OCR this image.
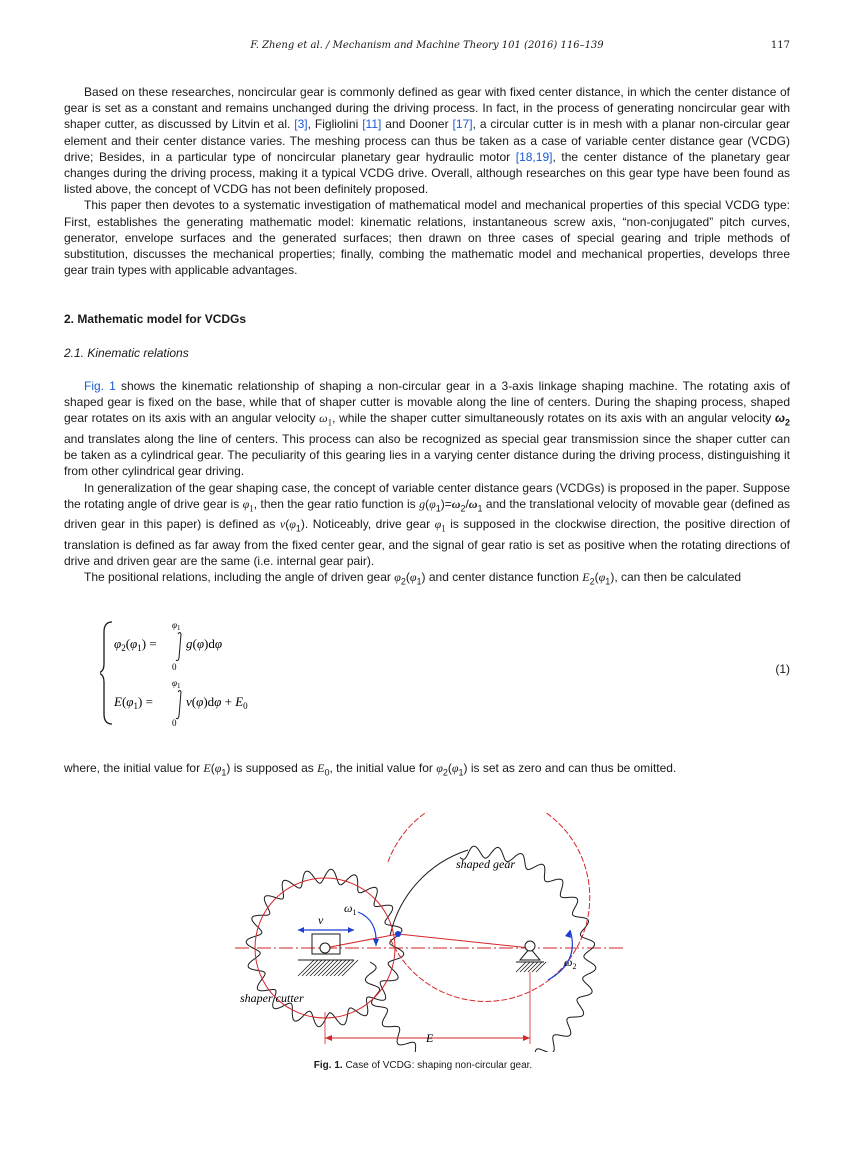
F. Zheng et al. / Mechanism and Machine Theory 101 (2016) 116–139	117

Based on these researches, noncircular gear is commonly defined as gear with fixed center distance, in which the center distance of gear is set as a constant and remains unchanged during the driving process. In fact, in the process of generating noncircular gear with shaper cutter, as discussed by Litvin et al. [3], Figliolini [11] and Dooner [17], a circular cutter is in mesh with a planar non-circular gear element and their center distance varies. The meshing process can thus be taken as a case of variable center distance gear (VCDG) drive; Besides, in a particular type of noncircular planetary gear hydraulic motor [18,19], the center distance of the planetary gear changes during the driving process, making it a typical VCDG drive. Overall, although researches on this gear type have been found as listed above, the concept of VCDG has not been definitely proposed.

This paper then devotes to a systematic investigation of mathematical model and mechanical properties of this special VCDG type: First, establishes the generating mathematic model: kinematic relations, instantaneous screw axis, “non-conjugated” pitch curves, generator, envelope surfaces and the generated surfaces; then drawn on three cases of special gearing and triple methods of substitution, discusses the mechanical properties; finally, combing the mathematic model and mechanical properties, develops three gear train types with applicable advantages.

2. Mathematic model for VCDGs
2.1. Kinematic relations

Fig. 1 shows the kinematic relationship of shaping a non-circular gear in a 3-axis linkage shaping machine. The rotating axis of shaped gear is fixed on the base, while that of shaper cutter is movable along the line of centers. During the shaping process, shaped gear rotates on its axis with an angular velocity $\omega_1$, while the shaper cutter simultaneously rotates on its axis with an angular velocity $\omega_2$ and translates along the line of centers. This process can also be recognized as special gear transmission since the shaper cutter can be taken as a cylindrical gear. The peculiarity of this gearing lies in a varying center distance during the driving process, distinguishing it from other cylindrical gear driving.

In generalization of the gear shaping case, the concept of variable center distance gears (VCDGs) is proposed in the paper. Suppose the rotating angle of drive gear is $\varphi_1$, then the gear ratio function is $g(\varphi_1)=\omega_2/\omega_1$ and the translational velocity of movable gear (defined as driven gear in this paper) is defined as $v(\varphi_1)$. Noticeably, drive gear $\varphi_1$ is supposed in the clockwise direction, the positive direction of translation is defined as far away from the fixed center gear, and the signal of gear ratio is set as positive when the rotating directions of drive and driven gear are the same (i.e. internal gear pair).

The positional relations, including the angle of driven gear $\varphi_2(\varphi_1)$ and center distance function $E_2(\varphi_1)$, can then be calculated

$\varphi_2(\varphi_1)$ =
$\varphi_1$
0
g(φ)dφ
$E(\varphi_1)$ =
$\varphi_1$
0
$v(\varphi)d\varphi + E_0$
(1)

where, the initial value for $E(\varphi_1)$ is supposed as $E_0$, the initial value for $\varphi_2(\varphi_1)$ is set as zero and can thus be omitted.

shaped gear
shaper cutter
$\omega_1$
$\omega_2$
v
E
Fig. 1. Case of VCDG: shaping non-circular gear.
